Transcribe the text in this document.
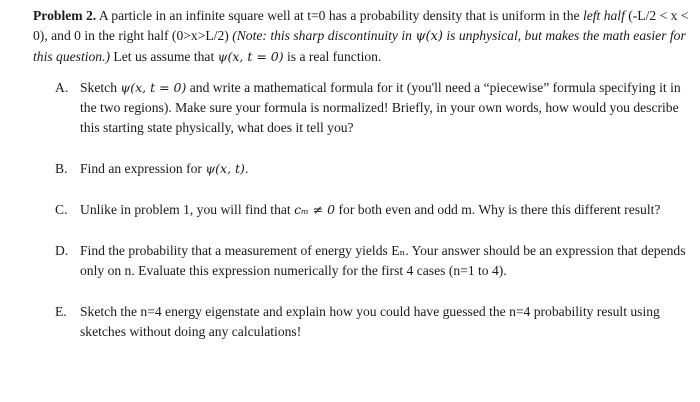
Problem 2. A particle in an infinite square well at t=0 has a probability density that is uniform in the left half (-L/2 < x < 0), and 0 in the right half (0>x>L/2) (Note: this sharp discontinuity in ψ(x) is unphysical, but makes the math easier for this question.) Let us assume that ψ(x, t = 0) is a real function.

A. Sketch ψ(x, t = 0) and write a mathematical formula for it (you'll need a “piecewise” formula specifying it in the two regions). Make sure your formula is normalized! Briefly, in your own words, how would you describe this starting state physically, what does it tell you?
B. Find an expression for ψ(x, t).
C. Unlike in problem 1, you will find that cₘ ≠ 0 for both even and odd m. Why is there this different result?
D. Find the probability that a measurement of energy yields Eₙ. Your answer should be an expression that depends only on n. Evaluate this expression numerically for the first 4 cases (n=1 to 4).
E. Sketch the n=4 energy eigenstate and explain how you could have guessed the n=4 probability result using sketches without doing any calculations!
